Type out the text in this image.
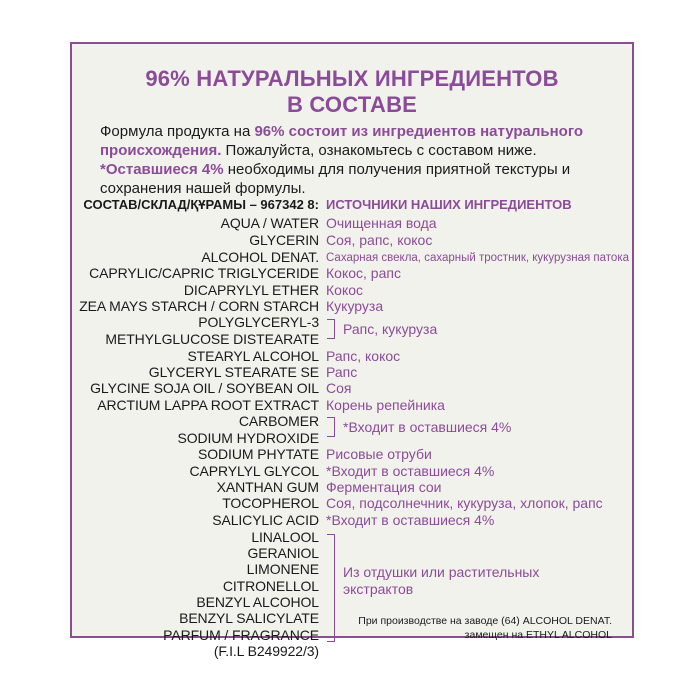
96% НАТУРАЛЬНЫХ ИНГРЕДИЕНТОВ
В СОСТАВЕ
Формула продукта на 96% состоит из ингредиентов натурального
происхождения. Пожалуйста, ознакомьтесь с составом ниже.
*Оставшиеся 4% необходимы для получения приятной текстуры и
сохранения нашей формулы.
СОСТАВ/СКЛАД/ҚҰРАМЫ – 967342 8: ИСТОЧНИКИ НАШИХ ИНГРЕДИЕНТОВ
AQUA / WATER
GLYCERIN
ALCOHOL DENAT.
CAPRYLIC/CAPRIC TRIGLYCERIDE
DICAPRYLYL ETHER
ZEA MAYS STARCH / CORN STARCH
POLYGLYCERYL-3
METHYLGLUCOSE DISTEARATE
STEARYL ALCOHOL
GLYCERYL STEARATE SE
GLYCINE SOJA OIL / SOYBEAN OIL
ARCTIUM LAPPA ROOT EXTRACT
CARBOMER
SODIUM HYDROXIDE
SODIUM PHYTATE
CAPRYLYL GLYCOL
XANTHAN GUM
TOCOPHEROL
SALICYLIC ACID
LINALOOL
GERANIOL
LIMONENE
CITRONELLOL
BENZYL ALCOHOL
BENZYL SALICYLATE
PARFUM / FRAGRANCE
(F.I.L B249922/3)
Очищенная вода
Соя, рапс, кокос
Сахарная свекла, сахарный тростник, кукурузная патока
Кокос, рапс
Кокос
Кукуруза
Рапс, кукуруза
Рапс, кокос
Рапс
Соя
Корень репейника
*Входит в оставшиеся 4%
Рисовые отруби
*Входит в оставшиеся 4%
Ферментация сои
Соя, подсолнечник, кукуруза, хлопок, рапс
*Входит в оставшиеся 4%
Из отдушки или растительных
экстрактов
При производстве на заводе (64) ALCOHOL DENAT.
замещен на ETHYL ALCOHOL
